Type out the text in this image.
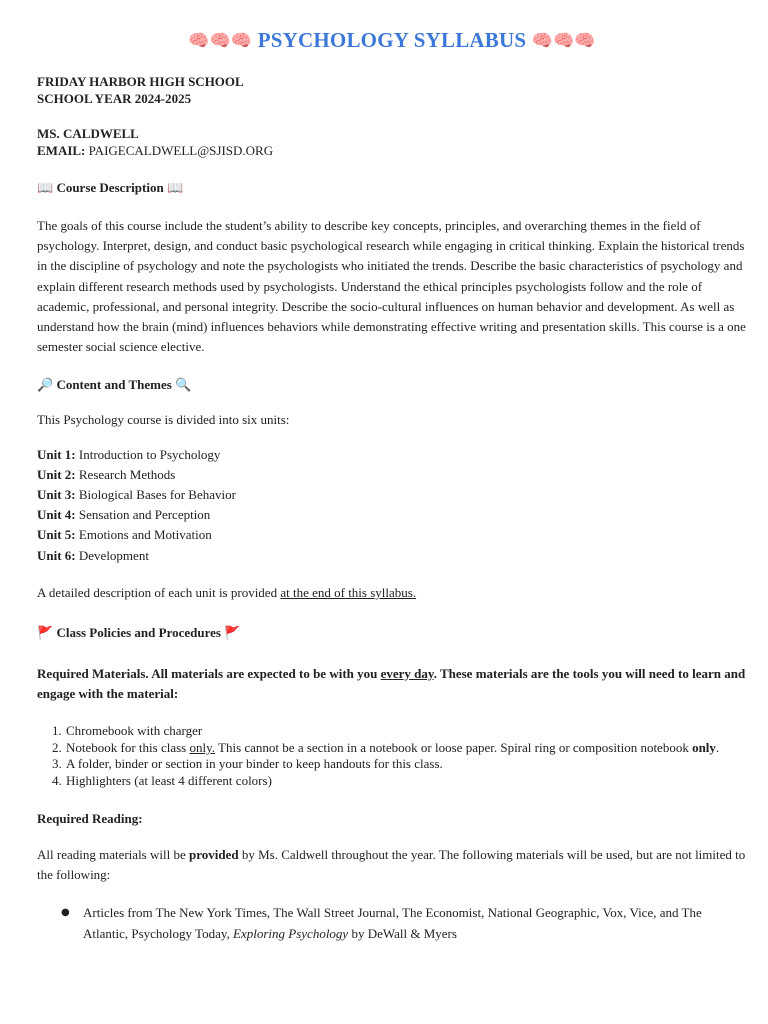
🧠🧠🧠 PSYCHOLOGY SYLLABUS 🧠🧠🧠
FRIDAY HARBOR HIGH SCHOOL
SCHOOL YEAR 2024-2025
MS. CALDWELL
EMAIL: PAIGECALDWELL@SJISD.ORG
📖 Course Description 📖

The goals of this course include the student’s ability to describe key concepts, principles, and overarching themes in the field of psychology. Interpret, design, and conduct basic psychological research while engaging in critical thinking. Explain the historical trends in the discipline of psychology and note the psychologists who initiated the trends. Describe the basic characteristics of psychology and explain different research methods used by psychologists. Understand the ethical principles psychologists follow and the role of academic, professional, and personal integrity. Describe the socio-cultural influences on human behavior and development. As well as understand how the brain (mind) influences behaviors while demonstrating effective writing and presentation skills. This course is a one semester social science elective.

🔎 Content and Themes 🔍

This Psychology course is divided into six units:

Unit 1: Introduction to Psychology
Unit 2: Research Methods
Unit 3: Biological Bases for Behavior
Unit 4: Sensation and Perception
Unit 5: Emotions and Motivation
Unit 6: Development

A detailed description of each unit is provided at the end of this syllabus.

🚩 Class Policies and Procedures 🚩

Required Materials. All materials are expected to be with you every day. These materials are the tools you will need to learn and engage with the material:

1. Chromebook with charger
2. Notebook for this class only. This cannot be a section in a notebook or loose paper. Spiral ring or composition notebook only.
3. A folder, binder or section in your binder to keep handouts for this class.
4. Highlighters (at least 4 different colors)

Required Reading:

All reading materials will be provided by Ms. Caldwell throughout the year. The following materials will be used, but are not limited to the following:

● Articles from The New York Times, The Wall Street Journal, The Economist, National Geographic, Vox, Vice, and The Atlantic, Psychology Today, Exploring Psychology by DeWall & Myers
